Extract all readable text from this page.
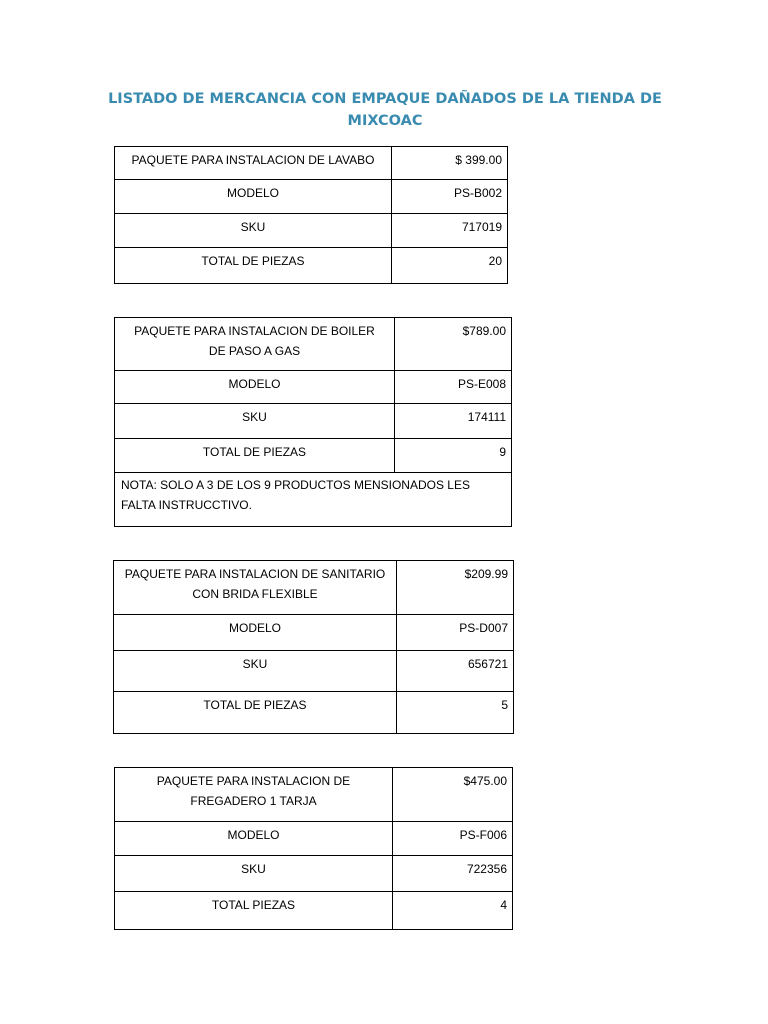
LISTADO DE MERCANCIA CON EMPAQUE DAÑADOS DE LA TIENDA DE MIXCOAC
PAQUETE PARA INSTALACION DE LAVABO	$ 399.00
MODELO	PS-B002
SKU	717019
TOTAL DE PIEZAS	20
PAQUETE PARA INSTALACION DE BOILER DE PASO A GAS	$789.00
MODELO	PS-E008
SKU	174111
TOTAL DE PIEZAS	9
NOTA: SOLO A 3 DE LOS 9 PRODUCTOS MENSIONADOS LES FALTA INSTRUCCTIVO.	
PAQUETE PARA INSTALACION DE SANITARIO CON BRIDA FLEXIBLE	$209.99
MODELO	PS-D007
SKU	656721
TOTAL DE PIEZAS	5
PAQUETE PARA INSTALACION DE FREGADERO 1 TARJA	$475.00
MODELO	PS-F006
SKU	722356
TOTAL PIEZAS	4
